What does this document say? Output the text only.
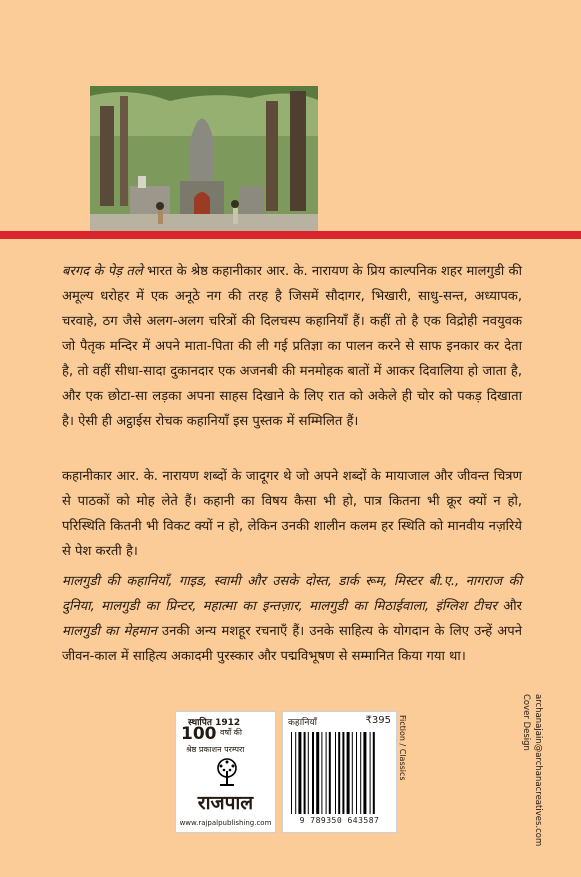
बरगद के पेड़ तले भारत के श्रेष्ठ कहानीकार आर. के. नारायण के प्रिय काल्पनिक शहर मालगुडी की अमूल्य धरोहर में एक अनूठे नग की तरह है जिसमें सौदागर, भिखारी, साधु-सन्त, अध्यापक, चरवाहे, ठग जैसे अलग-अलग चरित्रों की दिलचस्प कहानियाँ हैं। कहीं तो है एक विद्रोही नवयुवक जो पैतृक मन्दिर में अपने माता-पिता की ली गई प्रतिज्ञा का पालन करने से साफ इनकार कर देता है, तो वहीं सीधा-सादा दुकानदार एक अजनबी की मनमोहक बातों में आकर दिवालिया हो जाता है, और एक छोटा-सा लड़का अपना साहस दिखाने के लिए रात को अकेले ही चोर को पकड़ दिखाता है। ऐसी ही अट्ठाईस रोचक कहानियाँ इस पुस्तक में सम्मिलित हैं।

कहानीकार आर. के. नारायण शब्दों के जादूगर थे जो अपने शब्दों के मायाजाल और जीवन्त चित्रण से पाठकों को मोह लेते हैं। कहानी का विषय कैसा भी हो, पात्र कितना भी क्रूर क्यों न हो, परिस्थिति कितनी भी विकट क्यों न हो, लेकिन उनकी शालीन कलम हर स्थिति को मानवीय नज़रिये से पेश करती है।

मालगुडी की कहानियाँ, गाइड, स्वामी और उसके दोस्त, डार्क रूम, मिस्टर बी.ए., नागराज की दुनिया, मालगुडी का प्रिन्टर, महात्मा का इन्तज़ार, मालगुडी का मिठाईवाला, इंग्लिश टीचर और मालगुडी का मेहमान उनकी अन्य मशहूर रचनाएँ हैं। उनके साहित्य के योगदान के लिए उन्हें अपने जीवन-काल में साहित्य अकादमी पुरस्कार और पद्मविभूषण से सम्मानित किया गया था।

स्थापित 1912
100 वर्षों की
श्रेष्ठ प्रकाशन परम्परा
राजपाल
www.rajpalpublishing.com
कहानियाँ	₹395
9 789350 643587
Fiction / Classics	Cover Design archanajain@archanacreatives.com
